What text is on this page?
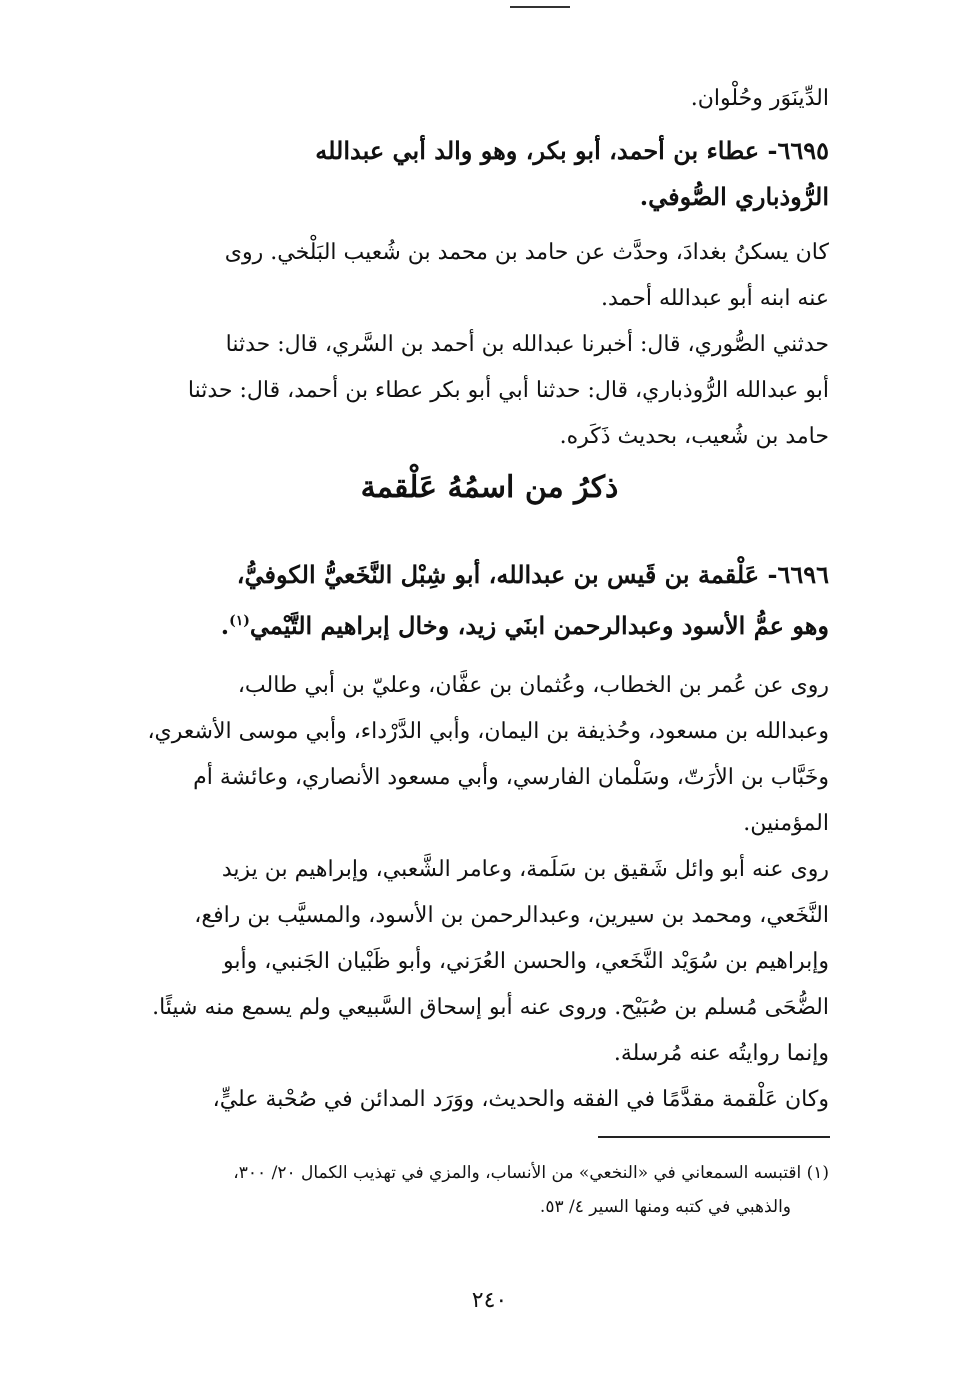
الدِّينَوَر وحُلْوان.
٦٦٩٥- عطاء بن أحمد، أبو بكر، وهو والد أبي عبدالله
الرُّوذباري الصُّوفي.
كان يسكنُ بغدادَ، وحدَّث عن حامد بن محمد بن شُعيب البَلْخي. روى
عنه ابنه أبو عبدالله أحمد.
حدثني الصُّوري، قال: أخبرنا عبدالله بن أحمد بن السَّري، قال: حدثنا
أبو عبدالله الرُّوذباري، قال: حدثنا أبي أبو بكر عطاء بن أحمد، قال: حدثنا
حامد بن شُعيب، بحديث ذَكَره.
ذكرُ من اسمُهُ عَلْقمة
٦٦٩٦- عَلْقمة بن قَيس بن عبدالله، أبو شِبْل النَّخَعيُّ الكوفيُّ،
وهو عمُّ الأسود وعبدالرحمن ابنَي زيد، وخال إبراهيم التَّيْمي$^{(١)}$.
روى عن عُمر بن الخطاب، وعُثمان بن عفَّان، وعليّ بن أبي طالب،
وعبدالله بن مسعود، وحُذيفة بن اليمان، وأبي الدَّرْداء، وأبي موسى الأشعري،
وخَبَّاب بن الأرَتّ، وسَلْمان الفارسي، وأبي مسعود الأنصاري، وعائشة أم
المؤمنين.
روى عنه أبو وائل شَقيق بن سَلَمة، وعامر الشَّعبي، وإبراهيم بن يزيد
النَّخَعي، ومحمد بن سيرين، وعبدالرحمن بن الأسود، والمسيَّب بن رافع،
وإبراهيم بن سُوَيْد النَّخَعي، والحسن العُرَني، وأبو ظَبْيان الجَنبي، وأبو
الضُّحَى مُسلم بن صُبَيْح. وروى عنه أبو إسحاق السَّبيعي ولم يسمع منه شيئًا.
وإنما روايتُه عنه مُرسلة.
وكان عَلْقمة مقدَّمًا في الفقه والحديث، ووَرَد المدائن في صُحْبة عليٍّ،
(١) اقتبسه السمعاني في «النخعي» من الأنساب، والمزي في تهذيب الكمال ٢٠/ ٣٠٠،
والذهبي في كتبه ومنها السير ٤/ ٥٣.
٢٤٠
